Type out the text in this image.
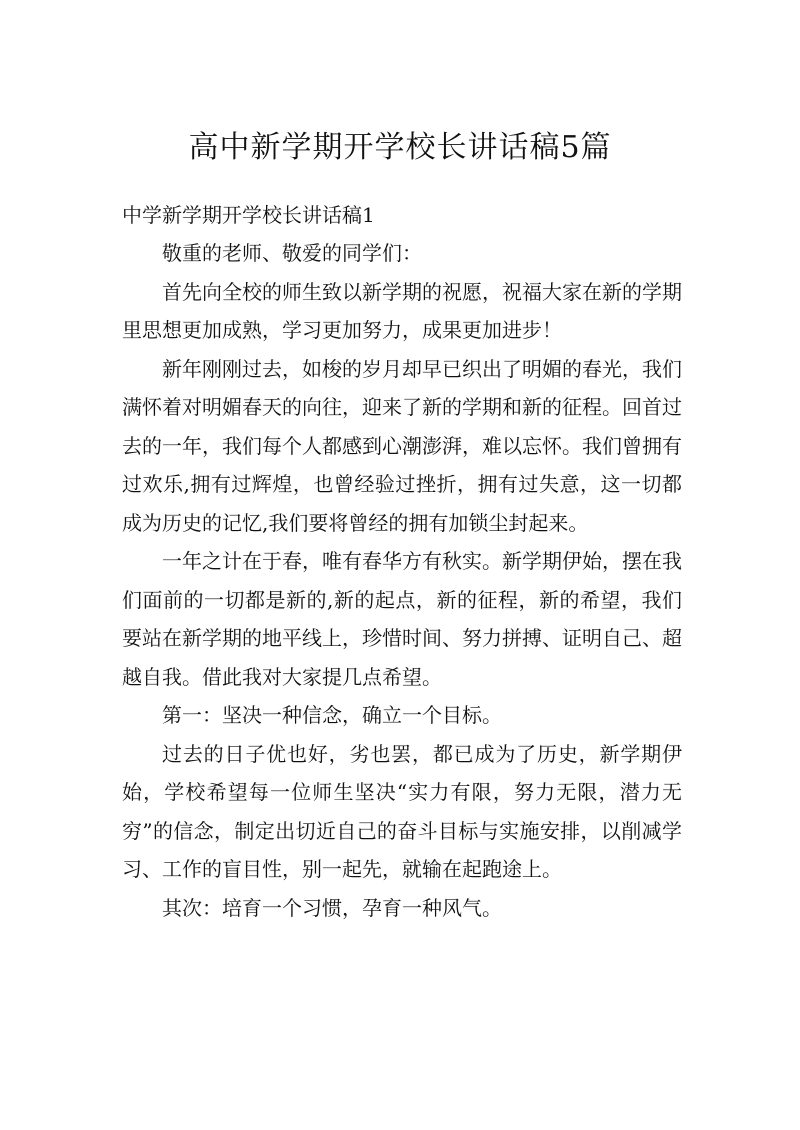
高中新学期开学校长讲话稿5篇

中学新学期开学校长讲话稿1

敬重的老师、敬爱的同学们：

首先向全校的师生致以新学期的祝愿，祝福大家在新的学期里思想更加成熟，学习更加努力，成果更加进步！

新年刚刚过去，如梭的岁月却早已织出了明媚的春光，我们满怀着对明媚春天的向往，迎来了新的学期和新的征程。回首过去的一年，我们每个人都感到心潮澎湃，难以忘怀。我们曾拥有过欢乐,拥有过辉煌，也曾经验过挫折，拥有过失意，这一切都成为历史的记忆,我们要将曾经的拥有加锁尘封起来。

一年之计在于春，唯有春华方有秋实。新学期伊始，摆在我们面前的一切都是新的,新的起点，新的征程，新的希望，我们要站在新学期的地平线上，珍惜时间、努力拼搏、证明自己、超越自我。借此我对大家提几点希望。

第一：坚决一种信念，确立一个目标。

过去的日子优也好，劣也罢，都已成为了历史，新学期伊始，学校希望每一位师生坚决“实力有限，努力无限，潜力无穷”的信念，制定出切近自己的奋斗目标与实施安排，以削减学习、工作的盲目性，别一起先，就输在起跑途上。

其次：培育一个习惯，孕育一种风气。
